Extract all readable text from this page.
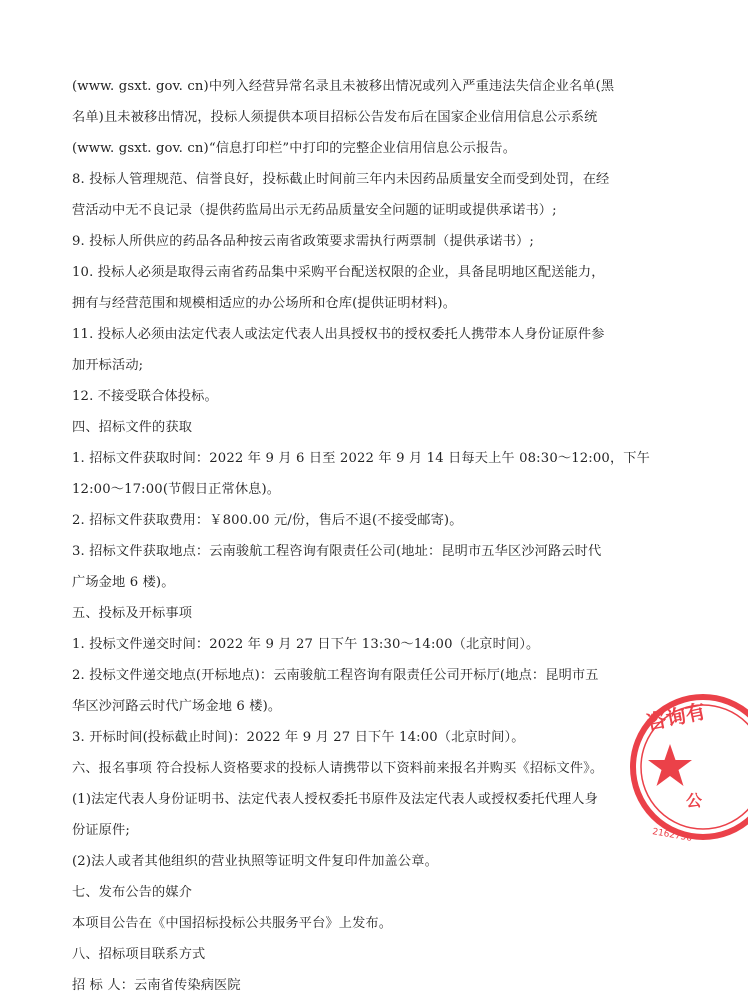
(www. gsxt. gov. cn)中列入经营异常名录且未被移出情况或列入严重违法失信企业名单(黑
名单)且未被移出情况，投标人须提供本项目招标公告发布后在国家企业信用信息公示系统
(www. gsxt. gov. cn)“信息打印栏”中打印的完整企业信用信息公示报告。
8. 投标人管理规范、信誉良好，投标截止时间前三年内未因药品质量安全而受到处罚，在经
营活动中无不良记录（提供药监局出示无药品质量安全问题的证明或提供承诺书）;
9. 投标人所供应的药品各品种按云南省政策要求需执行两票制（提供承诺书）;
10. 投标人必须是取得云南省药品集中采购平台配送权限的企业，具备昆明地区配送能力，
拥有与经营范围和规模相适应的办公场所和仓库(提供证明材料)。
11. 投标人必须由法定代表人或法定代表人出具授权书的授权委托人携带本人身份证原件参
加开标活动;
12. 不接受联合体投标。
四、招标文件的获取
1. 招标文件获取时间：2022 年 9 月 6 日至 2022 年 9 月 14 日每天上午 08:30～12:00，下午
12:00～17:00(节假日正常休息)。
2. 招标文件获取费用：￥800.00 元/份，售后不退(不接受邮寄)。
3. 招标文件获取地点：云南骏航工程咨询有限责任公司(地址：昆明市五华区沙河路云时代
广场金地 6 楼)。
五、投标及开标事项
1. 投标文件递交时间：2022 年 9 月 27 日下午 13:30～14:00（北京时间）。
2. 投标文件递交地点(开标地点)：云南骏航工程咨询有限责任公司开标厅(地点：昆明市五
华区沙河路云时代广场金地 6 楼)。
3. 开标时间(投标截止时间)：2022 年 9 月 27 日下午 14:00（北京时间）。
六、报名事项 符合投标人资格要求的投标人请携带以下资料前来报名并购买《招标文件》。
(1)法定代表人身份证明书、法定代表人授权委托书原件及法定代表人或授权委托代理人身
份证原件;
(2)法人或者其他组织的营业执照等证明文件复印件加盖公章。
七、发布公告的媒介
本项目公告在《中国招标投标公共服务平台》上发布。
八、招标项目联系方式
招 标 人：云南省传染病医院
咨询有
公
2162756
